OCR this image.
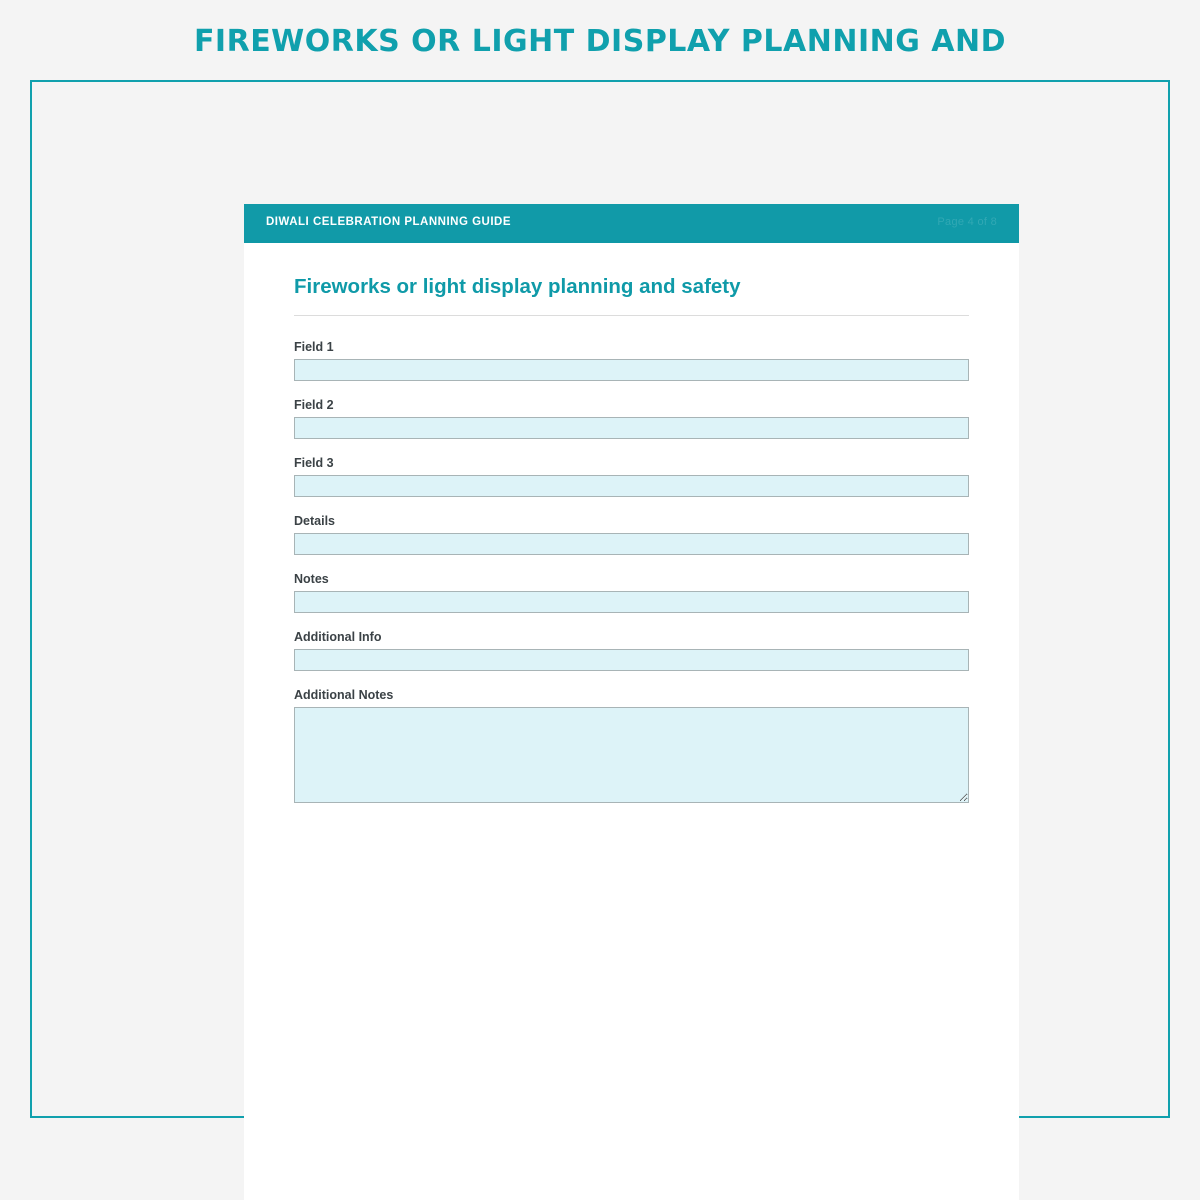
FIREWORKS OR LIGHT DISPLAY PLANNING AND
DIWALI CELEBRATION PLANNING GUIDE	Page 4 of 8
Fireworks or light display planning and safety
Field 1
Field 2
Field 3
Details
Notes
Additional Info
Additional Notes
